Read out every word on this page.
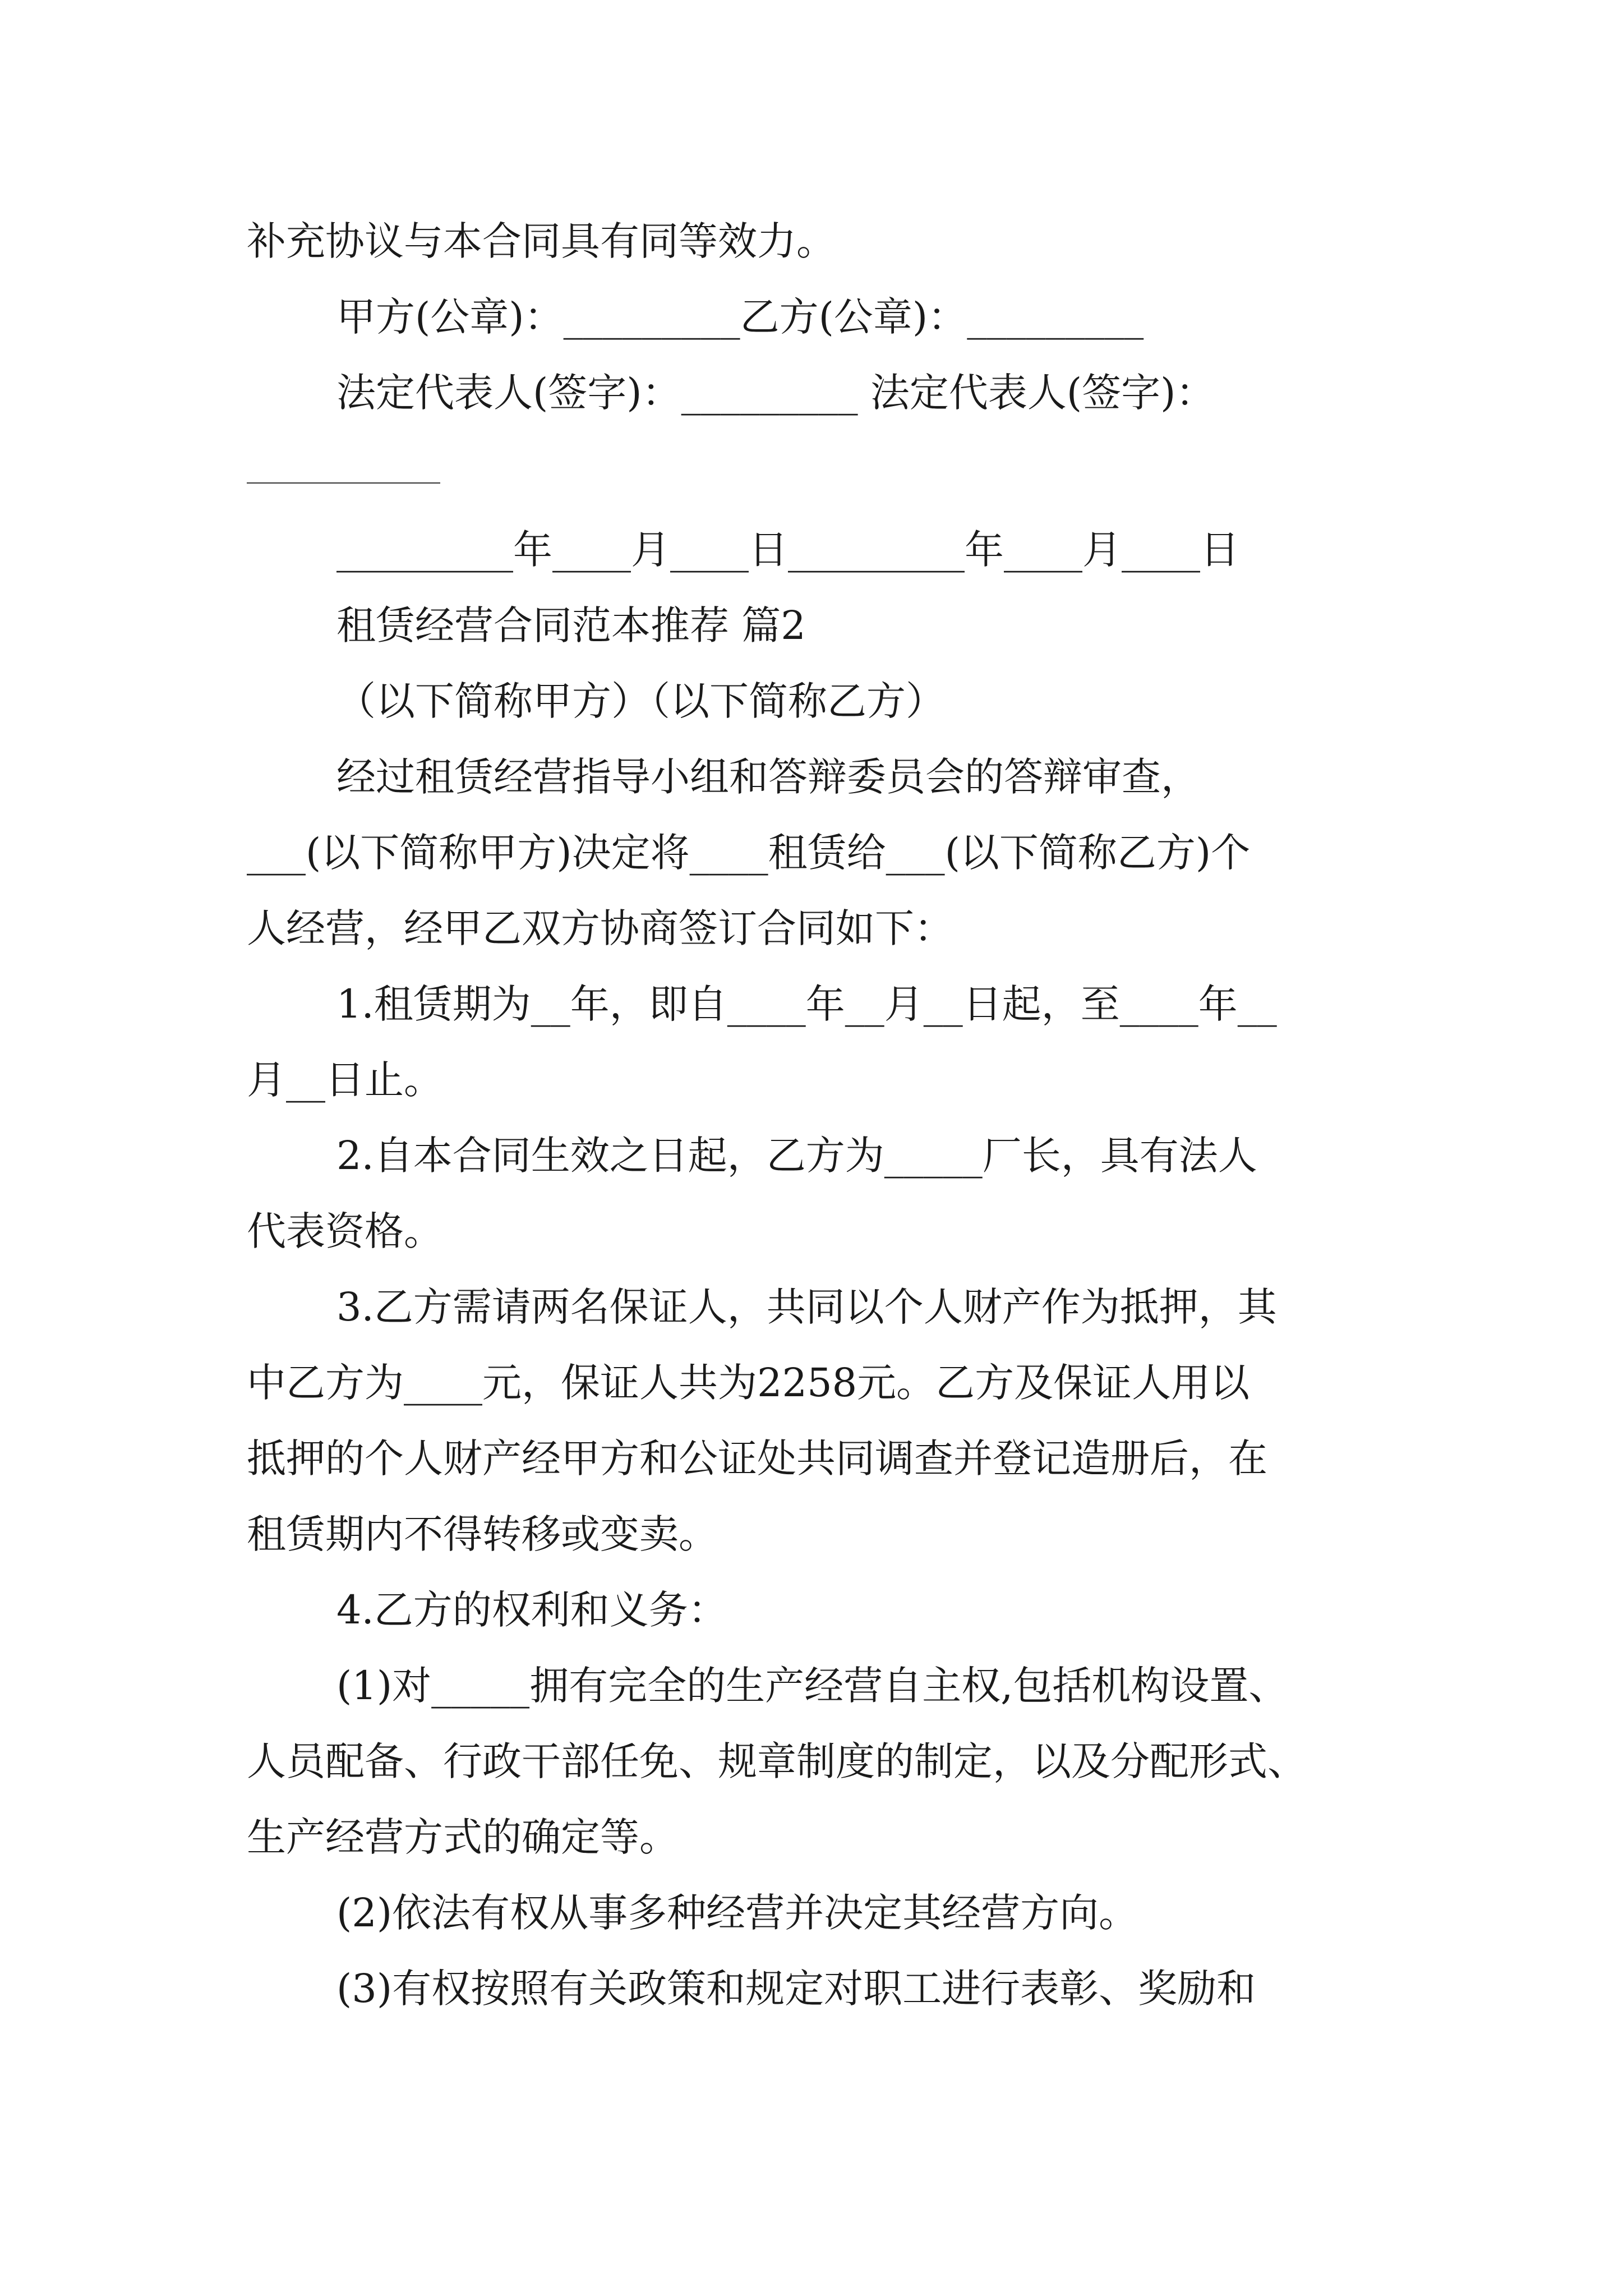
补充协议与本合同具有同等效力。
甲方(公章)：_________乙方(公章)：_________
法定代表人(签字)：_________ 法定代表人(签字)：
_________年____月____日_________年____月____日
租赁经营合同范本推荐 篇2
（以下简称甲方）（以下简称乙方）
经过租赁经营指导小组和答辩委员会的答辩审查，
___(以下简称甲方)决定将____租赁给___(以下简称乙方)个
人经营，经甲乙双方协商签订合同如下：
1.租赁期为__年，即自____年__月__日起，至____年__
月__日止。
2.自本合同生效之日起，乙方为_____厂长，具有法人
代表资格。
3.乙方需请两名保证人，共同以个人财产作为抵押，其
中乙方为____元，保证人共为2258元。乙方及保证人用以
抵押的个人财产经甲方和公证处共同调查并登记造册后，在
租赁期内不得转移或变卖。
4.乙方的权利和义务：
(1)对_____拥有完全的生产经营自主权,包括机构设置、
人员配备、行政干部任免、规章制度的制定，以及分配形式、
生产经营方式的确定等。
(2)依法有权从事多种经营并决定其经营方向。
(3)有权按照有关政策和规定对职工进行表彰、奖励和
